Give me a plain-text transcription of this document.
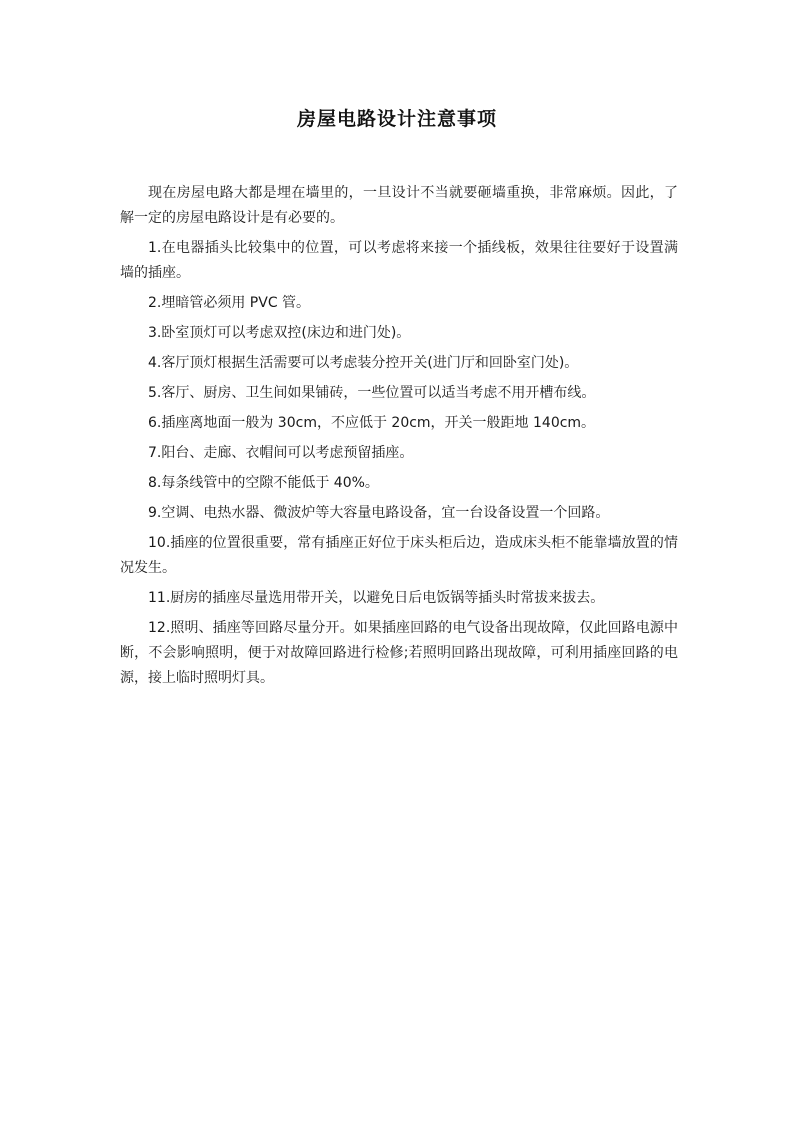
房屋电路设计注意事项

现在房屋电路大都是埋在墙里的，一旦设计不当就要砸墙重换，非常麻烦。因此，了解一定的房屋电路设计是有必要的。

1.在电器插头比较集中的位置，可以考虑将来接一个插线板，效果往往要好于设置满墙的插座。

2.埋暗管必须用 PVC 管。

3.卧室顶灯可以考虑双控(床边和进门处)。

4.客厅顶灯根据生活需要可以考虑装分控开关(进门厅和回卧室门处)。

5.客厅、厨房、卫生间如果铺砖，一些位置可以适当考虑不用开槽布线。

6.插座离地面一般为 30cm，不应低于 20cm，开关一般距地 140cm。

7.阳台、走廊、衣帽间可以考虑预留插座。

8.每条线管中的空隙不能低于 40%。

9.空调、电热水器、微波炉等大容量电路设备，宜一台设备设置一个回路。

10.插座的位置很重要，常有插座正好位于床头柜后边，造成床头柜不能靠墙放置的情况发生。

11.厨房的插座尽量选用带开关，以避免日后电饭锅等插头时常拔来拔去。

12.照明、插座等回路尽量分开。如果插座回路的电气设备出现故障，仅此回路电源中断，不会影响照明，便于对故障回路进行检修;若照明回路出现故障，可利用插座回路的电源，接上临时照明灯具。
